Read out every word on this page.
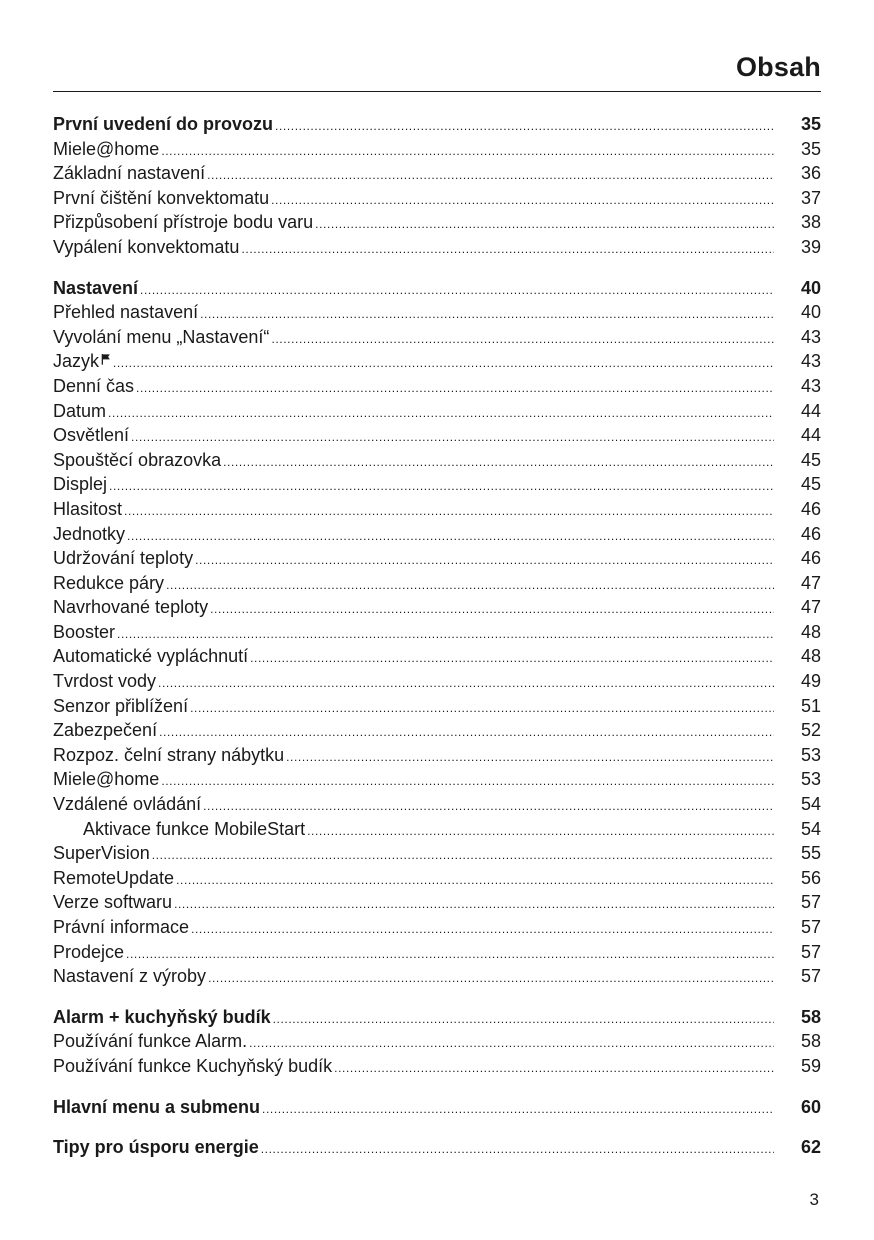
Obsah
První uvedení do provozu .....	35
Miele@home .....	35
Základní nastavení .....	36
První čištění konvektomatu .....	37
Přizpůsobení přístroje bodu varu .....	38
Vypálení konvektomatu .....	39
Nastavení .....	40
Přehled nastavení .....	40
Vyvolání menu „Nastavení“ .....	43
Jazyk .....	43
Denní čas .....	43
Datum .....	44
Osvětlení .....	44
Spouštěcí obrazovka .....	45
Displej .....	45
Hlasitost .....	46
Jednotky .....	46
Udržování teploty .....	46
Redukce páry .....	47
Navrhované teploty .....	47
Booster .....	48
Automatické vypláchnutí .....	48
Tvrdost vody .....	49
Senzor přiblížení .....	51
Zabezpečení .....	52
Rozpoz. čelní strany nábytku .....	53
Miele@home .....	53
Vzdálené ovládání .....	54
Aktivace funkce MobileStart .....	54
SuperVision .....	55
RemoteUpdate .....	56
Verze softwaru .....	57
Právní informace .....	57
Prodejce .....	57
Nastavení z výroby .....	57
Alarm + kuchyňský budík .....	58
Používání funkce Alarm. .....	58
Používání funkce Kuchyňský budík .....	59
Hlavní menu a submenu .....	60
Tipy pro úsporu energie .....	62
3
